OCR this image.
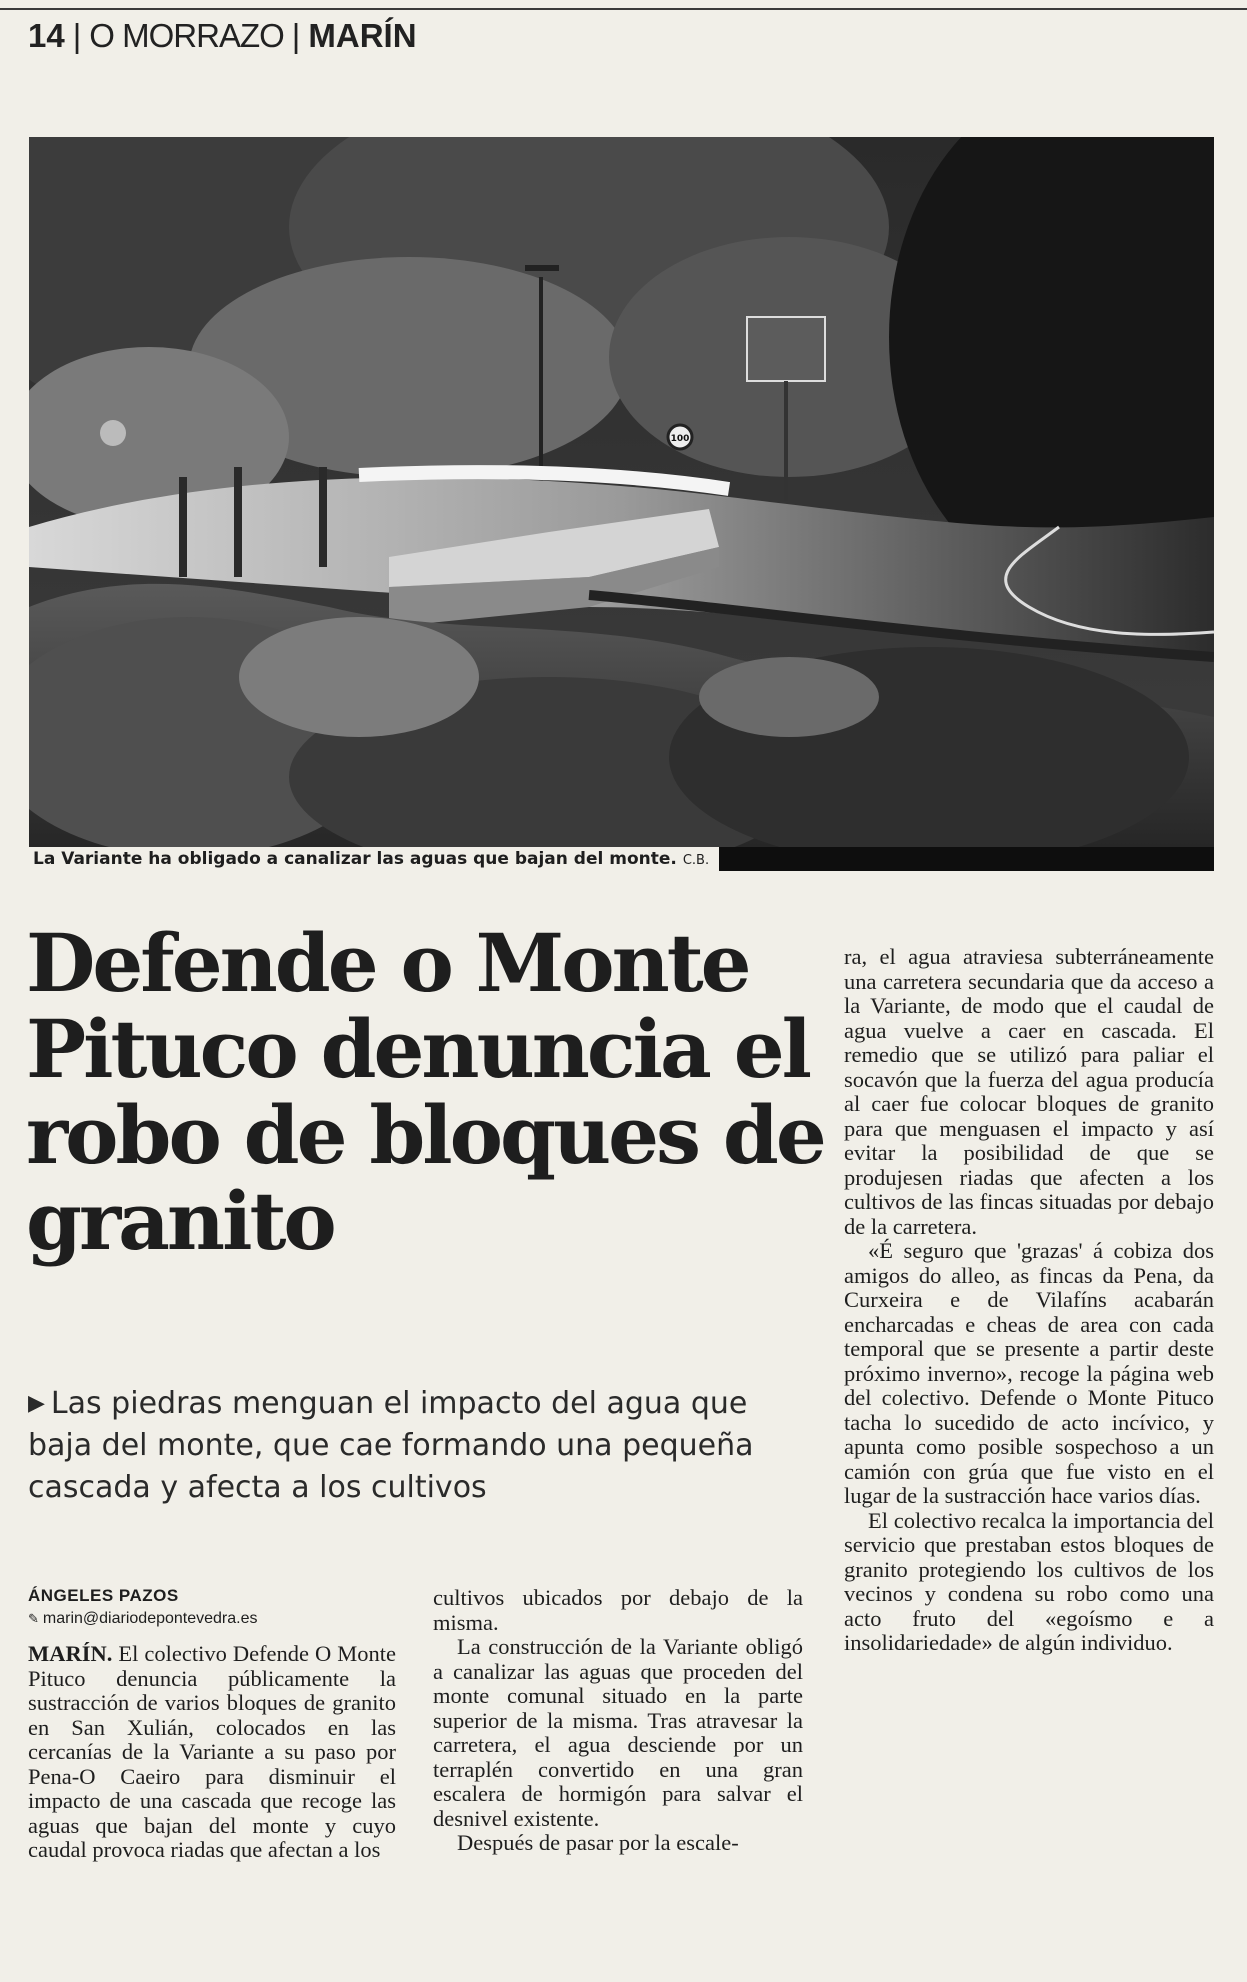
14 | O MORRAZO | MARÍN
100
La Variante ha obligado a canalizar las aguas que bajan del monte. C.B.
Defende o Monte Pituco denuncia el robo de bloques de granito

▶ Las piedras menguan el impacto del agua que baja del monte, que cae formando una pequeña cascada y afecta a los cultivos

ÁNGELES PAZOS
✎ marin@diariodepontevedra.es

MARÍN. El colectivo Defende O Monte Pituco denuncia públicamente la sustracción de varios bloques de granito en San Xulián, colocados en las cercanías de la Variante a su paso por Pena-O Caeiro para disminuir el impacto de una cascada que recoge las aguas que bajan del monte y cuyo caudal provoca riadas que afectan a los

cultivos ubicados por debajo de la misma.

La construcción de la Variante obligó a canalizar las aguas que proceden del monte comunal situado en la parte superior de la misma. Tras atravesar la carretera, el agua desciende por un terraplén convertido en una gran escalera de hormigón para salvar el desnivel existente.

Después de pasar por la escale-

ra, el agua atraviesa subterráneamente una carretera secundaria que da acceso a la Variante, de modo que el caudal de agua vuelve a caer en cascada. El remedio que se utilizó para paliar el socavón que la fuerza del agua producía al caer fue colocar bloques de granito para que menguasen el impacto y así evitar la posibilidad de que se produjesen riadas que afecten a los cultivos de las fincas situadas por debajo de la carretera.

«É seguro que 'grazas' á cobiza dos amigos do alleo, as fincas da Pena, da Curxeira e de Vilafíns acabarán encharcadas e cheas de area con cada temporal que se presente a partir deste próximo inverno», recoge la página web del colectivo. Defende o Monte Pituco tacha lo sucedido de acto incívico, y apunta como posible sospechoso a un camión con grúa que fue visto en el lugar de la sustracción hace varios días.

El colectivo recalca la importancia del servicio que prestaban estos bloques de granito protegiendo los cultivos de los vecinos y condena su robo como una acto fruto del «egoísmo e a insolidariedade» de algún individuo.
